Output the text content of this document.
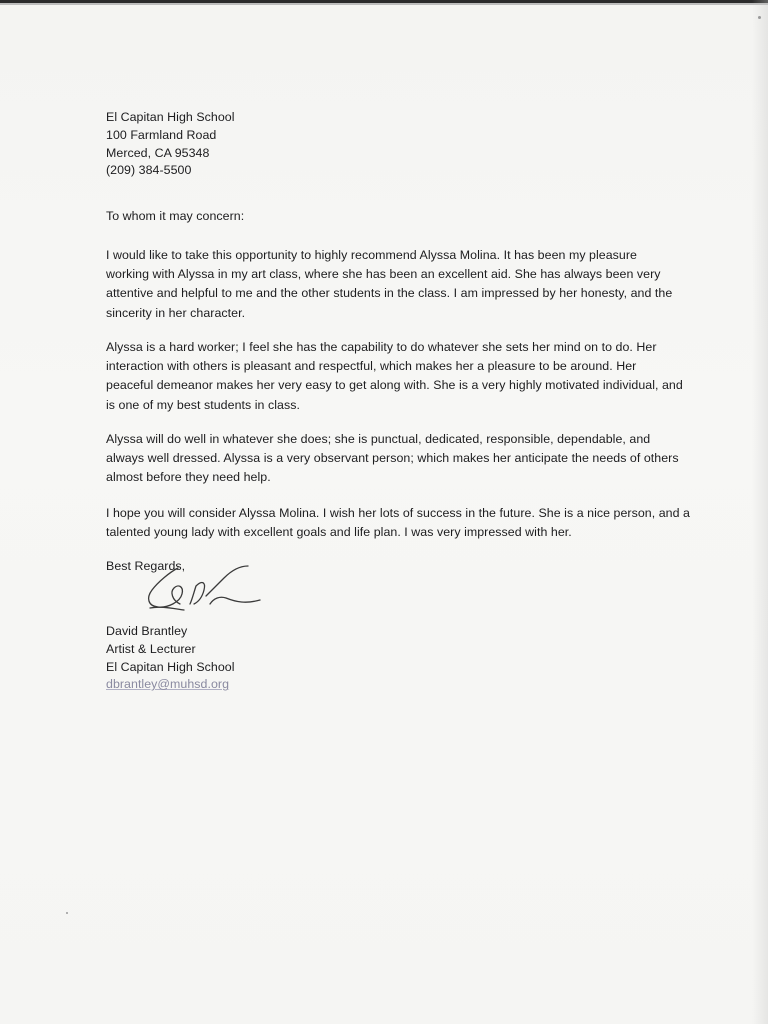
El Capitan High School

100 Farmland Road

Merced, CA 95348

(209) 384-5500

To whom it may concern:

I would like to take this opportunity to highly recommend Alyssa Molina. It has been my pleasure

working with Alyssa in my art class, where she has been an excellent aid. She has always been very

attentive and helpful to me and the other students in the class. I am impressed by her honesty, and the

sincerity in her character.

Alyssa is a hard worker; I feel she has the capability to do whatever she sets her mind on to do. Her

interaction with others is pleasant and respectful, which makes her a pleasure to be around. Her

peaceful demeanor makes her very easy to get along with. She is a very highly motivated individual, and

is one of my best students in class.

Alyssa will do well in whatever she does; she is punctual, dedicated, responsible, dependable, and

always well dressed. Alyssa is a very observant person; which makes her anticipate the needs of others

almost before they need help.

I hope you will consider Alyssa Molina. I wish her lots of success in the future. She is a nice person, and a

talented young lady with excellent goals and life plan. I was very impressed with her.

Best Regards,

David Brantley

Artist & Lecturer

El Capitan High School

dbrantley@muhsd.org
